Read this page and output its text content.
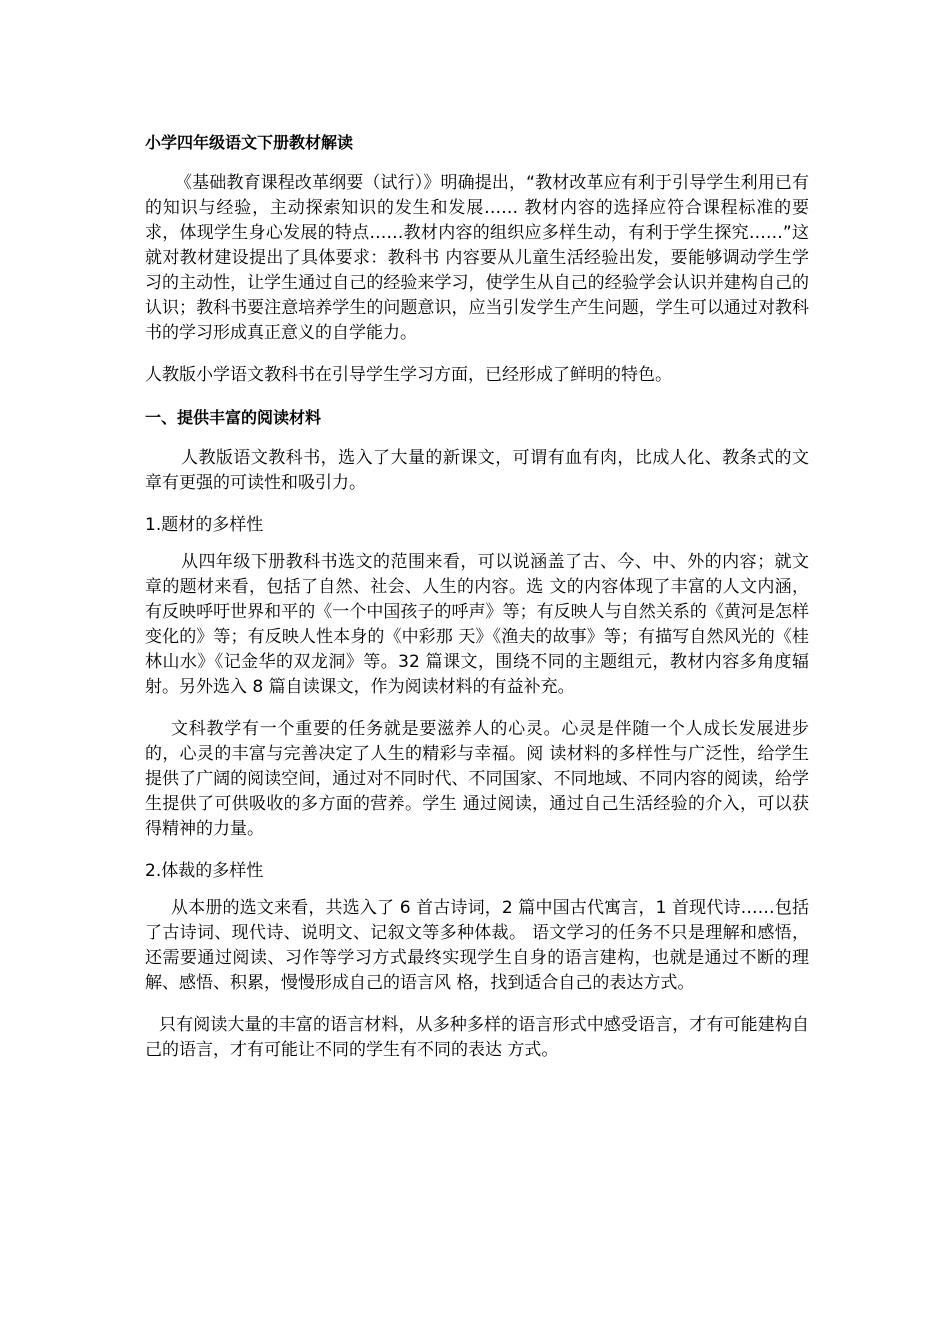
小学四年级语文下册教材解读

《基础教育课程改革纲要（试行）》明确提出，“教材改革应有利于引导学生利用已有的知识与经验，主动探索知识的发生和发展…… 教材内容的选择应符合课程标准的要求，体现学生身心发展的特点……教材内容的组织应多样生动，有利于学生探究……”这就对教材建设提出了具体要求：教科书 内容要从儿童生活经验出发，要能够调动学生学习的主动性，让学生通过自己的经验来学习，使学生从自己的经验学会认识并建构自己的认识；教科书要注意培养学生的问题意识，应当引发学生产生问题，学生可以通过对教科书的学习形成真正意义的自学能力。

人教版小学语文教科书在引导学生学习方面，已经形成了鲜明的特色。

一、提供丰富的阅读材料

人教版语文教科书，选入了大量的新课文，可谓有血有肉，比成人化、教条式的文章有更强的可读性和吸引力。

1.题材的多样性

从四年级下册教科书选文的范围来看，可以说涵盖了古、今、中、外的内容；就文章的题材来看，包括了自然、社会、人生的内容。选 文的内容体现了丰富的人文内涵，有反映呼吁世界和平的《一个中国孩子的呼声》等；有反映人与自然关系的《黄河是怎样变化的》等；有反映人性本身的《中彩那 天》《渔夫的故事》等；有描写自然风光的《桂林山水》《记金华的双龙洞》等。32 篇课文，围绕不同的主题组元，教材内容多角度辐射。另外选入 8 篇自读课文，作为阅读材料的有益补充。

文科教学有一个重要的任务就是要滋养人的心灵。心灵是伴随一个人成长发展进步的，心灵的丰富与完善决定了人生的精彩与幸福。阅 读材料的多样性与广泛性，给学生提供了广阔的阅读空间，通过对不同时代、不同国家、不同地域、不同内容的阅读，给学生提供了可供吸收的多方面的营养。学生 通过阅读，通过自己生活经验的介入，可以获得精神的力量。

2.体裁的多样性

从本册的选文来看，共选入了 6 首古诗词，2 篇中国古代寓言，1 首现代诗……包括了古诗词、现代诗、说明文、记叙文等多种体裁。 语文学习的任务不只是理解和感悟，还需要通过阅读、习作等学习方式最终实现学生自身的语言建构，也就是通过不断的理解、感悟、积累，慢慢形成自己的语言风 格，找到适合自己的表达方式。

只有阅读大量的丰富的语言材料，从多种多样的语言形式中感受语言，才有可能建构自己的语言，才有可能让不同的学生有不同的表达 方式。
